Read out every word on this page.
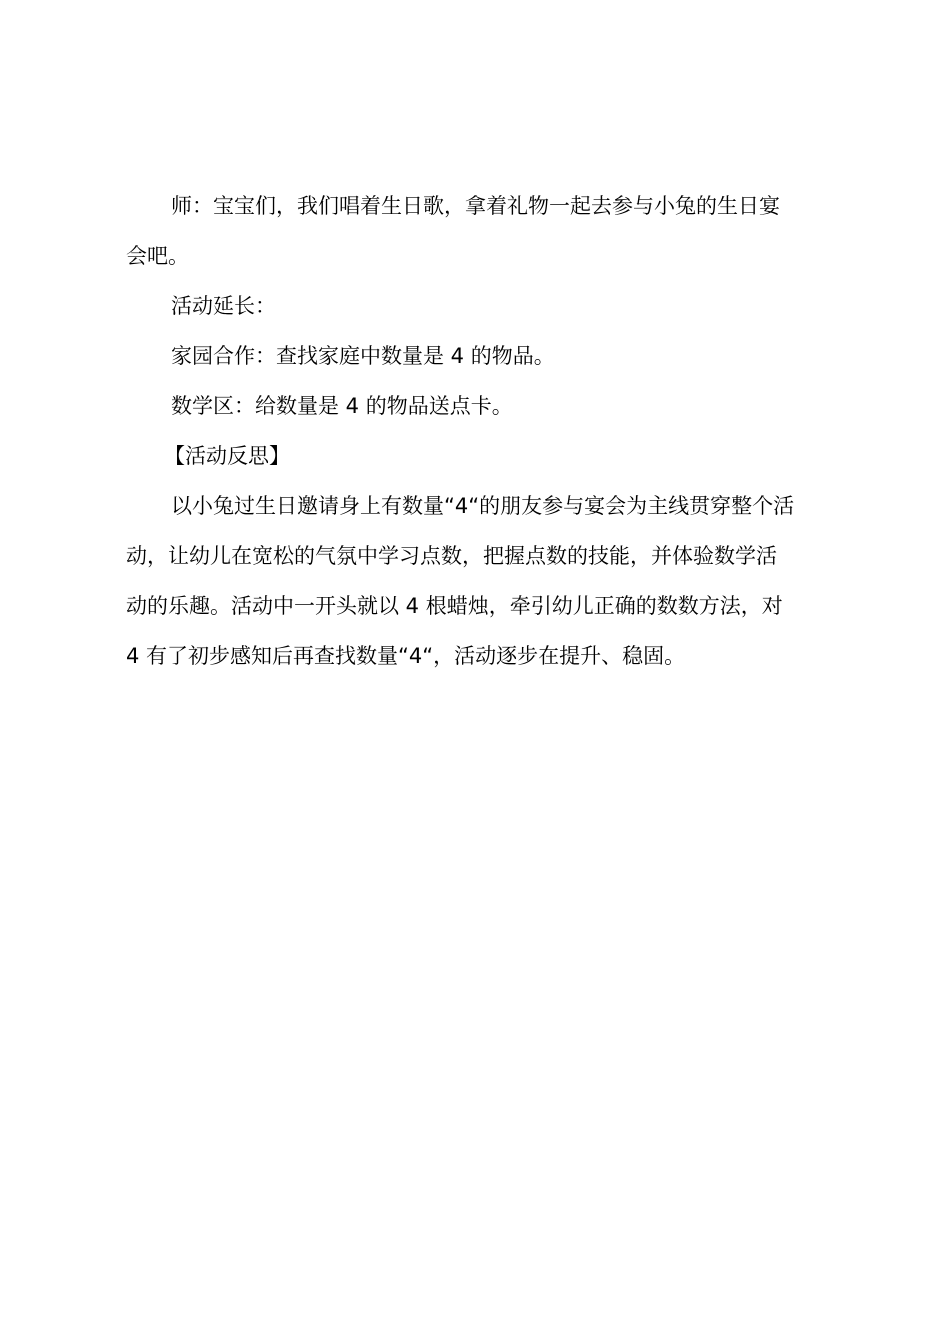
师：宝宝们，我们唱着生日歌，拿着礼物一起去参与小兔的生日宴
会吧。

活动延长：

家园合作：查找家庭中数量是 4 的物品。

数学区：给数量是 4 的物品送点卡。

【活动反思】

以小兔过生日邀请身上有数量“4“的朋友参与宴会为主线贯穿整个活
动，让幼儿在宽松的气氛中学习点数，把握点数的技能，并体验数学活
动的乐趣。活动中一开头就以 4 根蜡烛，牵引幼儿正确的数数方法，对
4 有了初步感知后再查找数量“4“，活动逐步在提升、稳固。
